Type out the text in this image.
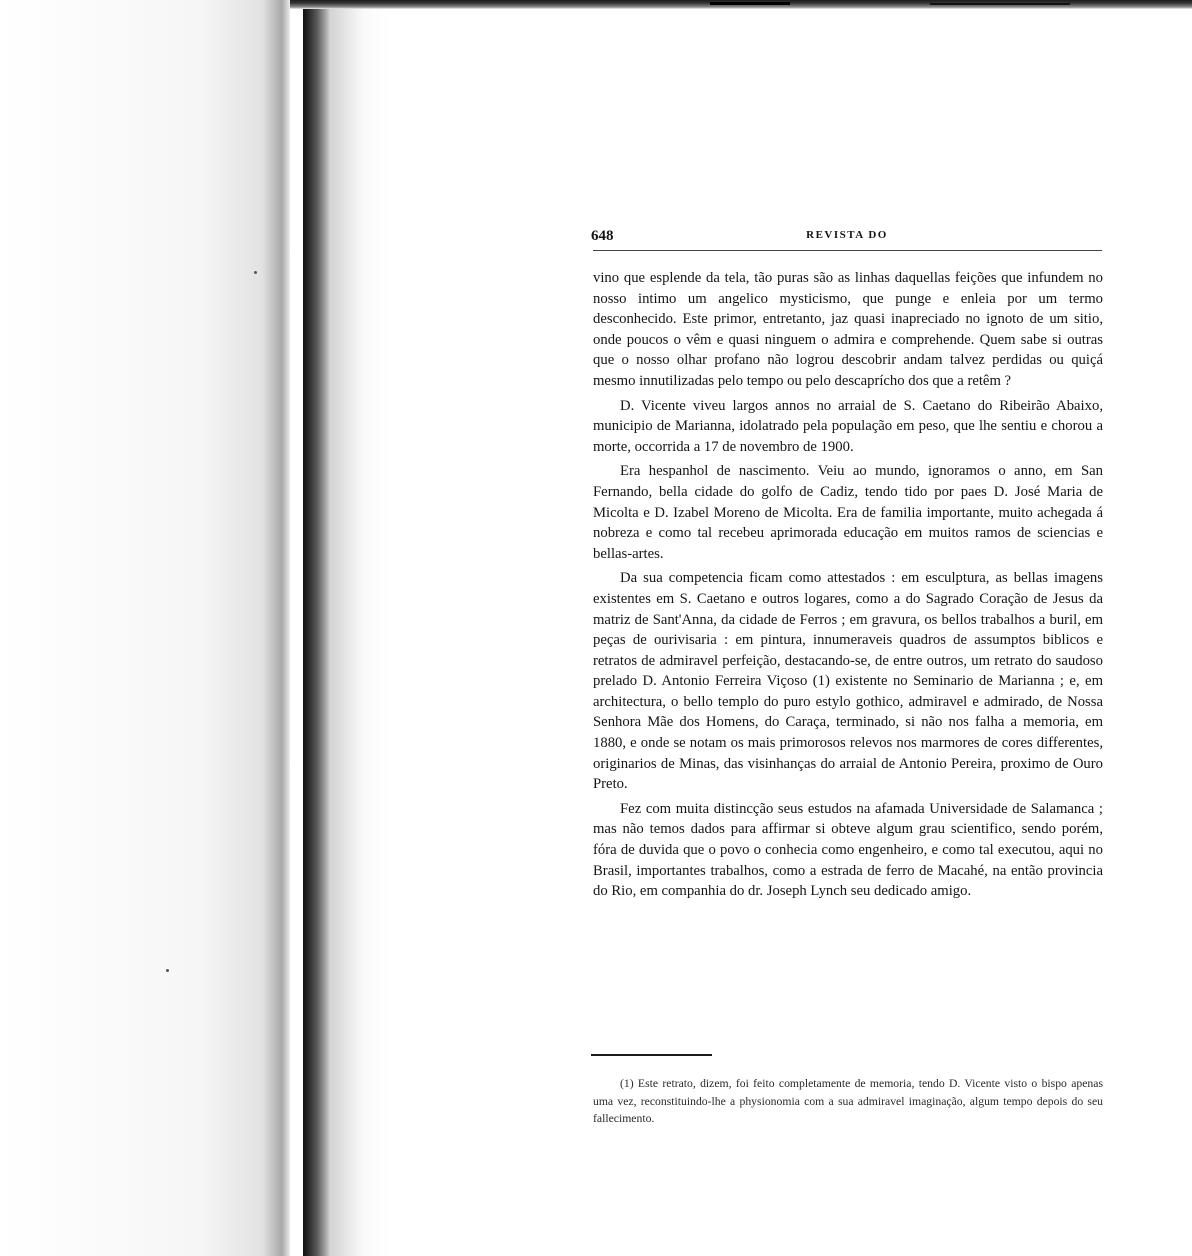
648	REVISTA DO

vino que esplende da tela, tão puras são as linhas daquellas feições que infundem no nosso intimo um angelico mysticismo, que punge e enleia por um termo desconhecido. Este primor, entretanto, jaz quasi inapreciado no ignoto de um sitio, onde poucos o vêm e quasi ninguem o admira e comprehende. Quem sabe si outras que o nosso olhar profano não logrou descobrir andam talvez perdidas ou quiçá mesmo innutilizadas pelo tempo ou pelo descaprícho dos que a retêm ?

D. Vicente viveu largos annos no arraial de S. Caetano do Ribeirão Abaixo, municipio de Marianna, idolatrado pela população em peso, que lhe sentiu e chorou a morte, occorrida a 17 de novembro de 1900.

Era hespanhol de nascimento. Veiu ao mundo, ignoramos o anno, em San Fernando, bella cidade do golfo de Cadiz, tendo tido por paes D. José Maria de Micolta e D. Izabel Moreno de Micolta. Era de familia importante, muito achegada á nobreza e como tal recebeu aprimorada educação em muitos ramos de sciencias e bellas-artes.

Da sua competencia ficam como attestados : em esculptura, as bellas imagens existentes em S. Caetano e outros logares, como a do Sagrado Coração de Jesus da matriz de Sant'Anna, da cidade de Ferros ; em gravura, os bellos trabalhos a buril, em peças de ourivisaria : em pintura, innumeraveis quadros de assumptos biblicos e retratos de admiravel perfeição, destacando-se, de entre outros, um retrato do saudoso prelado D. Antonio Ferreira Viçoso (1) existente no Seminario de Marianna ; e, em architectura, o bello templo do puro estylo gothico, admiravel e admirado, de Nossa Senhora Mãe dos Homens, do Caraça, terminado, si não nos falha a memoria, em 1880, e onde se notam os mais primorosos relevos nos marmores de cores differentes, originarios de Minas, das visinhanças do arraial de Antonio Pereira, proximo de Ouro Preto.

Fez com muita distincção seus estudos na afamada Universidade de Salamanca ; mas não temos dados para affirmar si obteve algum grau scientifico, sendo porém, fóra de duvida que o povo o conhecia como engenheiro, e como tal executou, aqui no Brasil, importantes trabalhos, como a estrada de ferro de Macahé, na então provincia do Rio, em companhia do dr. Joseph Lynch seu dedicado amigo.

(1) Este retrato, dizem, foi feito completamente de memoria, tendo D. Vicente visto o bispo apenas uma vez, reconstituindo-lhe a physionomia com a sua admiravel imaginação, algum tempo depois do seu fallecimento.
